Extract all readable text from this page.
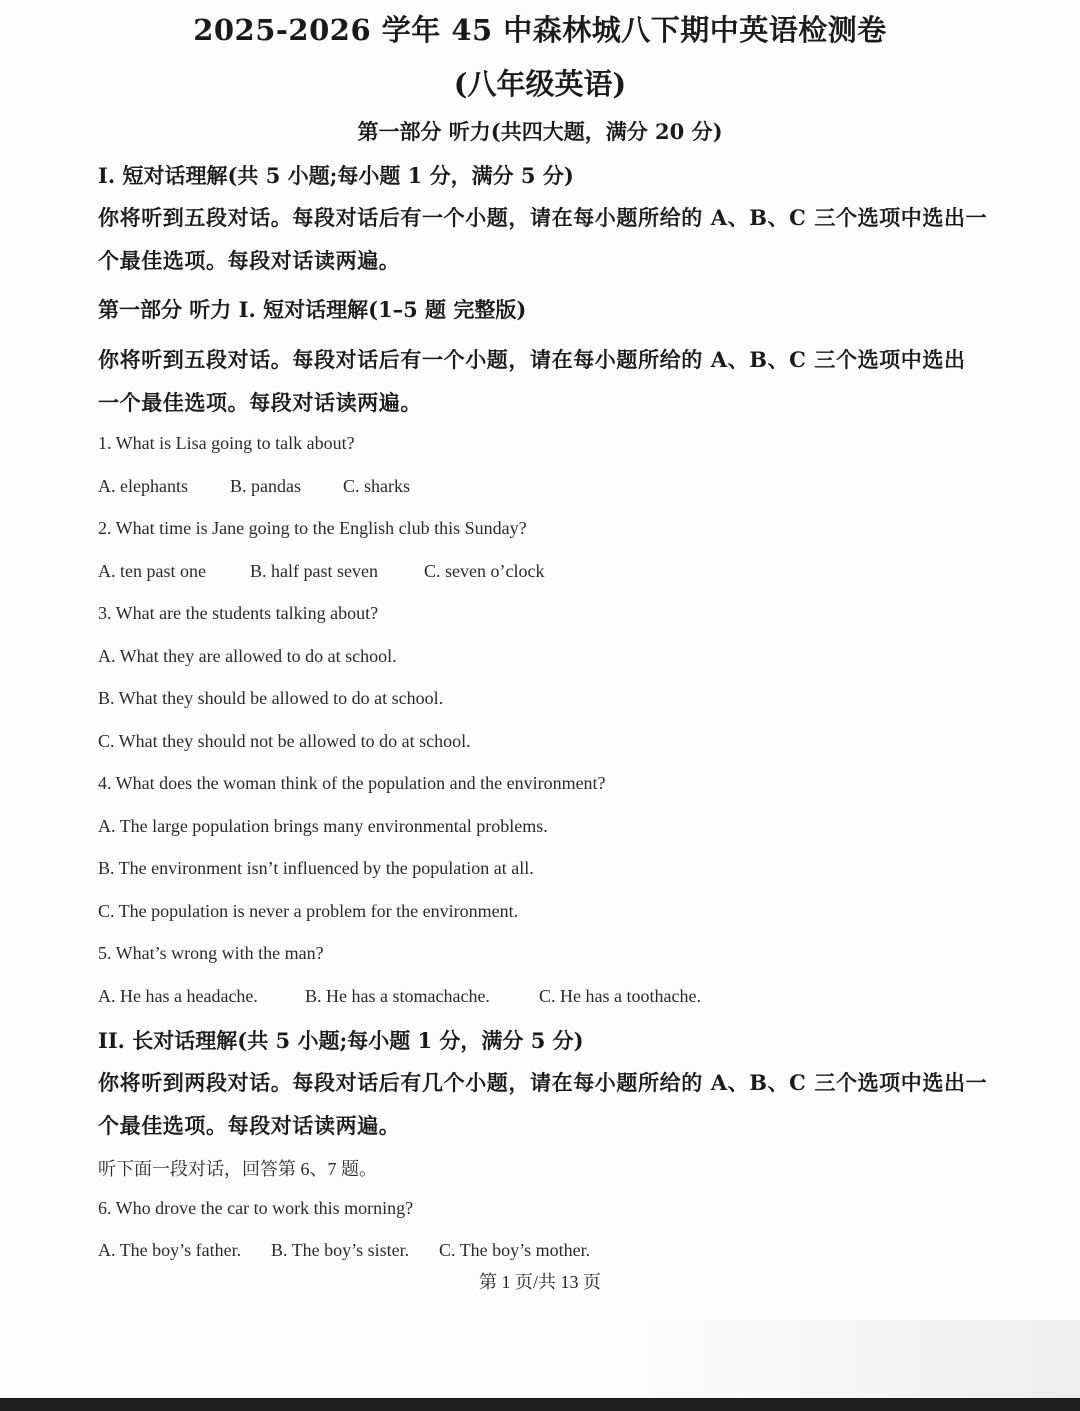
2025-2026 学年 45 中森林城八下期中英语检测卷
(八年级英语)
第一部分 听力(共四大题，满分 20 分)
I. 短对话理解(共 5 小题;每小题 1 分，满分 5 分)
你将听到五段对话。每段对话后有一个小题，请在每小题所给的 A、B、C 三个选项中选出一
个最佳选项。每段对话读两遍。
第一部分 听力 Ⅰ. 短对话理解(1–5 题 完整版)
你将听到五段对话。每段对话后有一个小题，请在每小题所给的 A、B、C 三个选项中选出
一个最佳选项。每段对话读两遍。
1. What is Lisa going to talk about?
A. elephants B. pandas C. sharks
2. What time is Jane going to the English club this Sunday?
A. ten past one B. half past seven	C. seven o’clock
3. What are the students talking about?
A. What they are allowed to do at school.
B. What they should be allowed to do at school.
C. What they should not be allowed to do at school.
4. What does the woman think of the population and the environment?
A. The large population brings many environmental problems.
B. The environment isn’t influenced by the population at all.
C. The population is never a problem for the environment.
5. What’s wrong with the man?
A. He has a headache.	B. He has a stomachache.	C. He has a toothache.
II. 长对话理解(共 5 小题;每小题 1 分，满分 5 分)
你将听到两段对话。每段对话后有几个小题，请在每小题所给的 A、B、C 三个选项中选出一
个最佳选项。每段对话读两遍。
听下面一段对话，回答第 6、7 题。
6. Who drove the car to work this morning?
A. The boy’s father. B. The boy’s sister. C. The boy’s mother.
第 1 页/共 13 页
